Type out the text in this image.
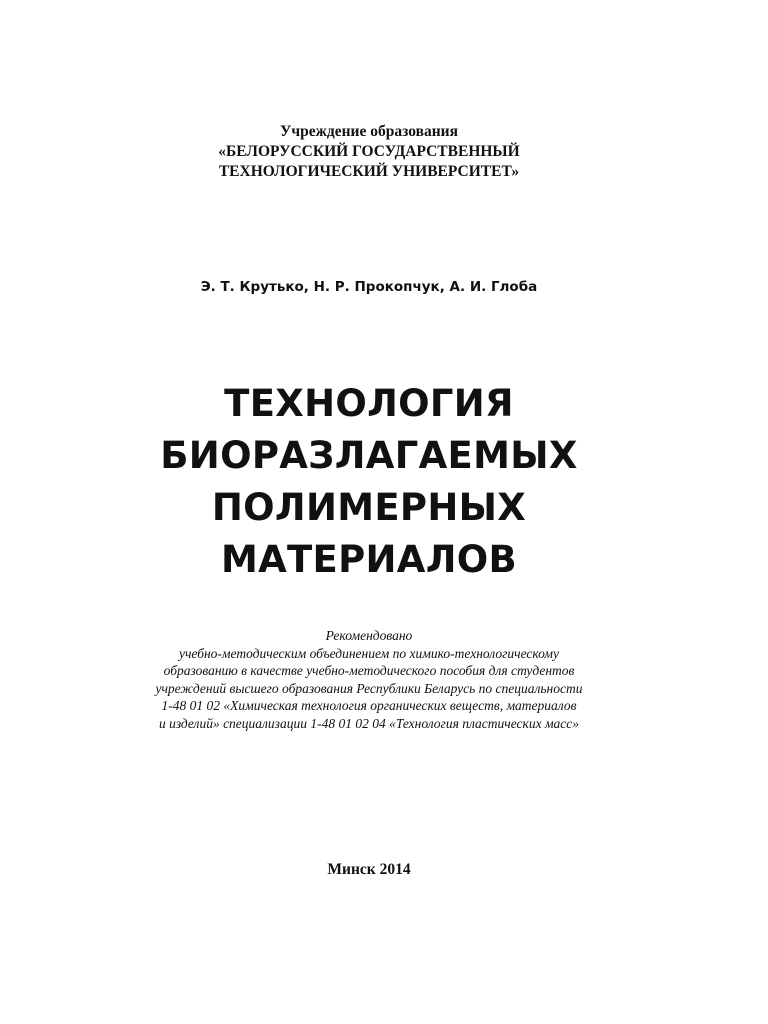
Учреждение образования
«БЕЛОРУССКИЙ ГОСУДАРСТВЕННЫЙ
ТЕХНОЛОГИЧЕСКИЙ УНИВЕРСИТЕТ»
Э. Т. Крутько, Н. Р. Прокопчук, А. И. Глоба
ТЕХНОЛОГИЯ
БИОРАЗЛАГАЕМЫХ
ПОЛИМЕРНЫХ
МАТЕРИАЛОВ
Рекомендовано
учебно-методическим объединением по химико-технологическому
образованию в качестве учебно-методического пособия для студентов
учреждений высшего образования Республики Беларусь по специальности
1-48 01 02 «Химическая технология органических веществ, материалов
и изделий» специализации 1-48 01 02 04 «Технология пластических масс»
Минск 2014
